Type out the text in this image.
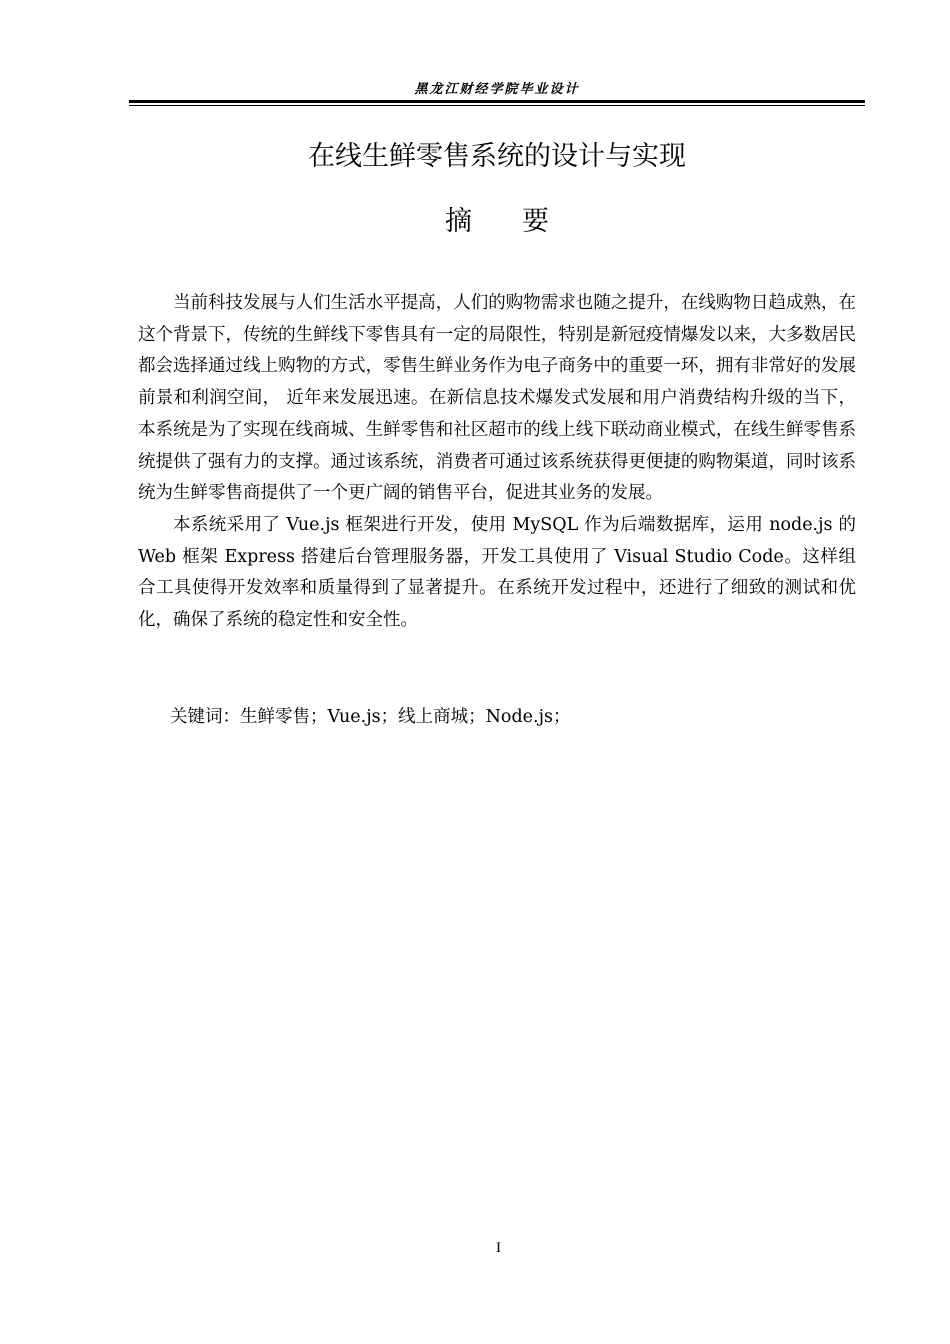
黑龙江财经学院毕业设计
在线生鲜零售系统的设计与实现
摘要

当前科技发展与人们生活水平提高，人们的购物需求也随之提升，在线购物日趋成熟，在这个背景下，传统的生鲜线下零售具有一定的局限性，特别是新冠疫情爆发以来，大多数居民都会选择通过线上购物的方式，零售生鲜业务作为电子商务中的重要一环，拥有非常好的发展前景和利润空间， 近年来发展迅速。在新信息技术爆发式发展和用户消费结构升级的当下，本系统是为了实现在线商城、生鲜零售和社区超市的线上线下联动商业模式，在线生鲜零售系统提供了强有力的支撑。通过该系统，消费者可通过该系统获得更便捷的购物渠道，同时该系统为生鲜零售商提供了一个更广阔的销售平台，促进其业务的发展。

本系统采用了 Vue.js 框架进行开发，使用 MySQL 作为后端数据库，运用 node.js 的 Web 框架 Express 搭建后台管理服务器，开发工具使用了 Visual Studio Code。这样组合工具使得开发效率和质量得到了显著提升。在系统开发过程中，还进行了细致的测试和优化，确保了系统的稳定性和安全性。

关键词：生鲜零售；Vue.js；线上商城；Node.js；
I
